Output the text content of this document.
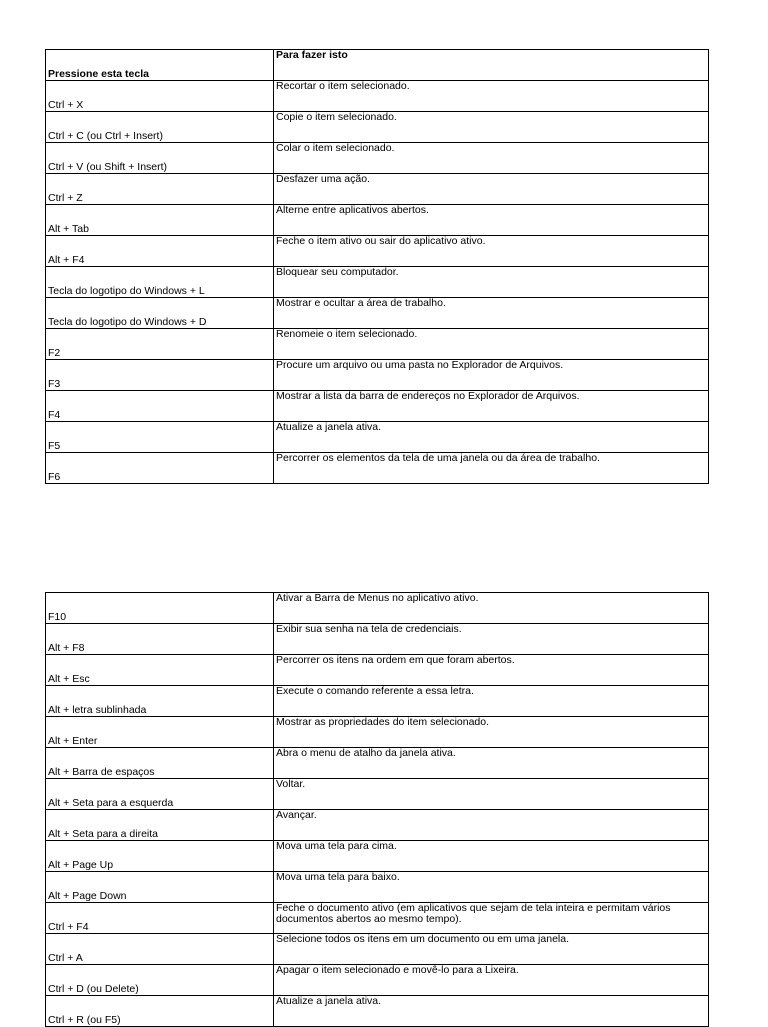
Pressione esta tecla	Para fazer isto
Ctrl + X	Recortar o item selecionado.
Ctrl + C (ou Ctrl + Insert)	Copie o item selecionado.
Ctrl + V (ou Shift + Insert)	Colar o item selecionado.
Ctrl + Z	Desfazer uma ação.
Alt + Tab	Alterne entre aplicativos abertos.
Alt + F4	Feche o item ativo ou sair do aplicativo ativo.
Tecla do logotipo do Windows + L	Bloquear seu computador.
Tecla do logotipo do Windows + D	Mostrar e ocultar a área de trabalho.
F2	Renomeie o item selecionado.
F3	Procure um arquivo ou uma pasta no Explorador de Arquivos.
F4	Mostrar a lista da barra de endereços no Explorador de Arquivos.
F5	Atualize a janela ativa.
F6	Percorrer os elementos da tela de uma janela ou da área de trabalho.
F10	Ativar a Barra de Menus no aplicativo ativo.
Alt + F8	Exibir sua senha na tela de credenciais.
Alt + Esc	Percorrer os itens na ordem em que foram abertos.
Alt + letra sublinhada	Execute o comando referente a essa letra.
Alt + Enter	Mostrar as propriedades do item selecionado.
Alt + Barra de espaços	Abra o menu de atalho da janela ativa.
Alt + Seta para a esquerda	Voltar.
Alt + Seta para a direita	Avançar.
Alt + Page Up	Mova uma tela para cima.
Alt + Page Down	Mova uma tela para baixo.
Ctrl + F4	Feche o documento ativo (em aplicativos que sejam de tela inteira e permitam vários documentos abertos ao mesmo tempo).
Ctrl + A	Selecione todos os itens em um documento ou em uma janela.
Ctrl + D (ou Delete)	Apagar o item selecionado e movê-lo para a Lixeira.
Ctrl + R (ou F5)	Atualize a janela ativa.
